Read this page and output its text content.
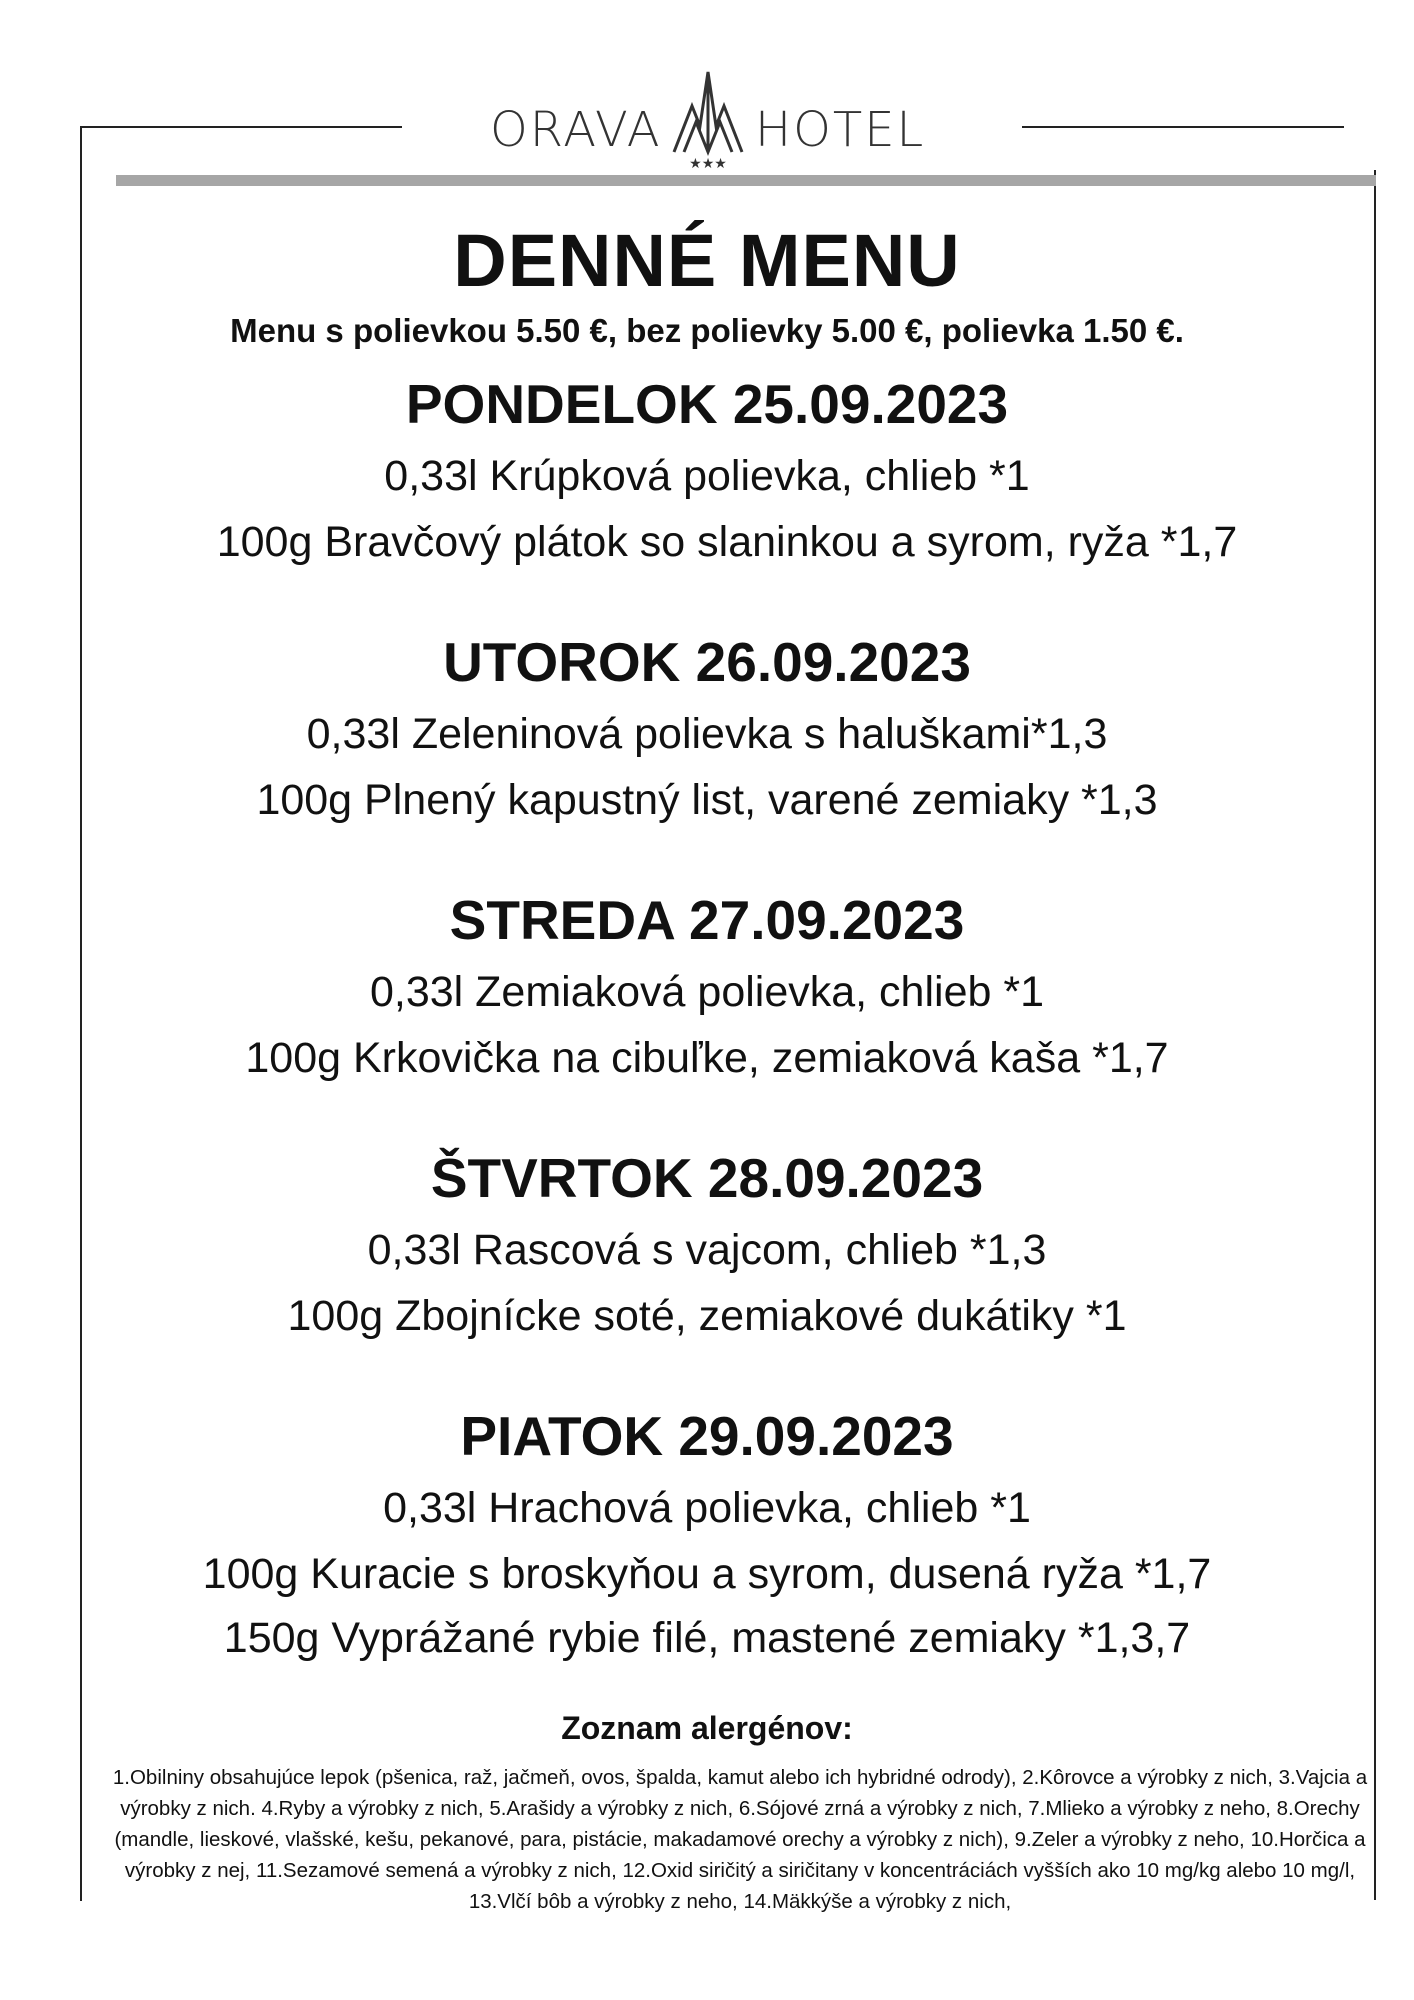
ORAVA
★★★
HOTEL
DENNÉ MENU
Menu s polievkou 5.50 €, bez polievky 5.00 €, polievka 1.50 €.
PONDELOK 25.09.2023
0,33l Krúpková polievka, chlieb *1
100g Bravčový plátok so slaninkou a syrom, ryža *1,7
UTOROK 26.09.2023
0,33l Zeleninová polievka s haluškami*1,3
100g Plnený kapustný list, varené zemiaky *1,3
STREDA 27.09.2023
0,33l Zemiaková polievka, chlieb *1
100g Krkovička na cibuľke, zemiaková kaša *1,7
ŠTVRTOK 28.09.2023
0,33l Rascová s vajcom, chlieb *1,3
100g Zbojnícke soté, zemiakové dukátiky *1
PIATOK 29.09.2023
0,33l Hrachová polievka, chlieb *1
100g Kuracie s broskyňou a syrom, dusená ryža *1,7
150g Vyprážané rybie filé, mastené zemiaky *1,3,7
Zoznam alergénov:
1.Obilniny obsahujúce lepok (pšenica, raž, jačmeň, ovos, špalda, kamut alebo ich hybridné odrody), 2.Kôrovce a výrobky z nich, 3.Vajcia a výrobky z nich. 4.Ryby a výrobky z nich, 5.Arašidy a výrobky z nich, 6.Sójové zrná a výrobky z nich, 7.Mlieko a výrobky z neho, 8.Orechy (mandle, lieskové, vlašské, kešu, pekanové, para, pistácie, makadamové orechy a výrobky z nich), 9.Zeler a výrobky z neho, 10.Horčica a výrobky z nej, 11.Sezamové semená a výrobky z nich, 12.Oxid siričitý a siričitany v koncentráciách vyšších ako 10 mg/kg alebo 10 mg/l, 13.Vlčí bôb a výrobky z neho, 14.Mäkkýše a výrobky z nich,
